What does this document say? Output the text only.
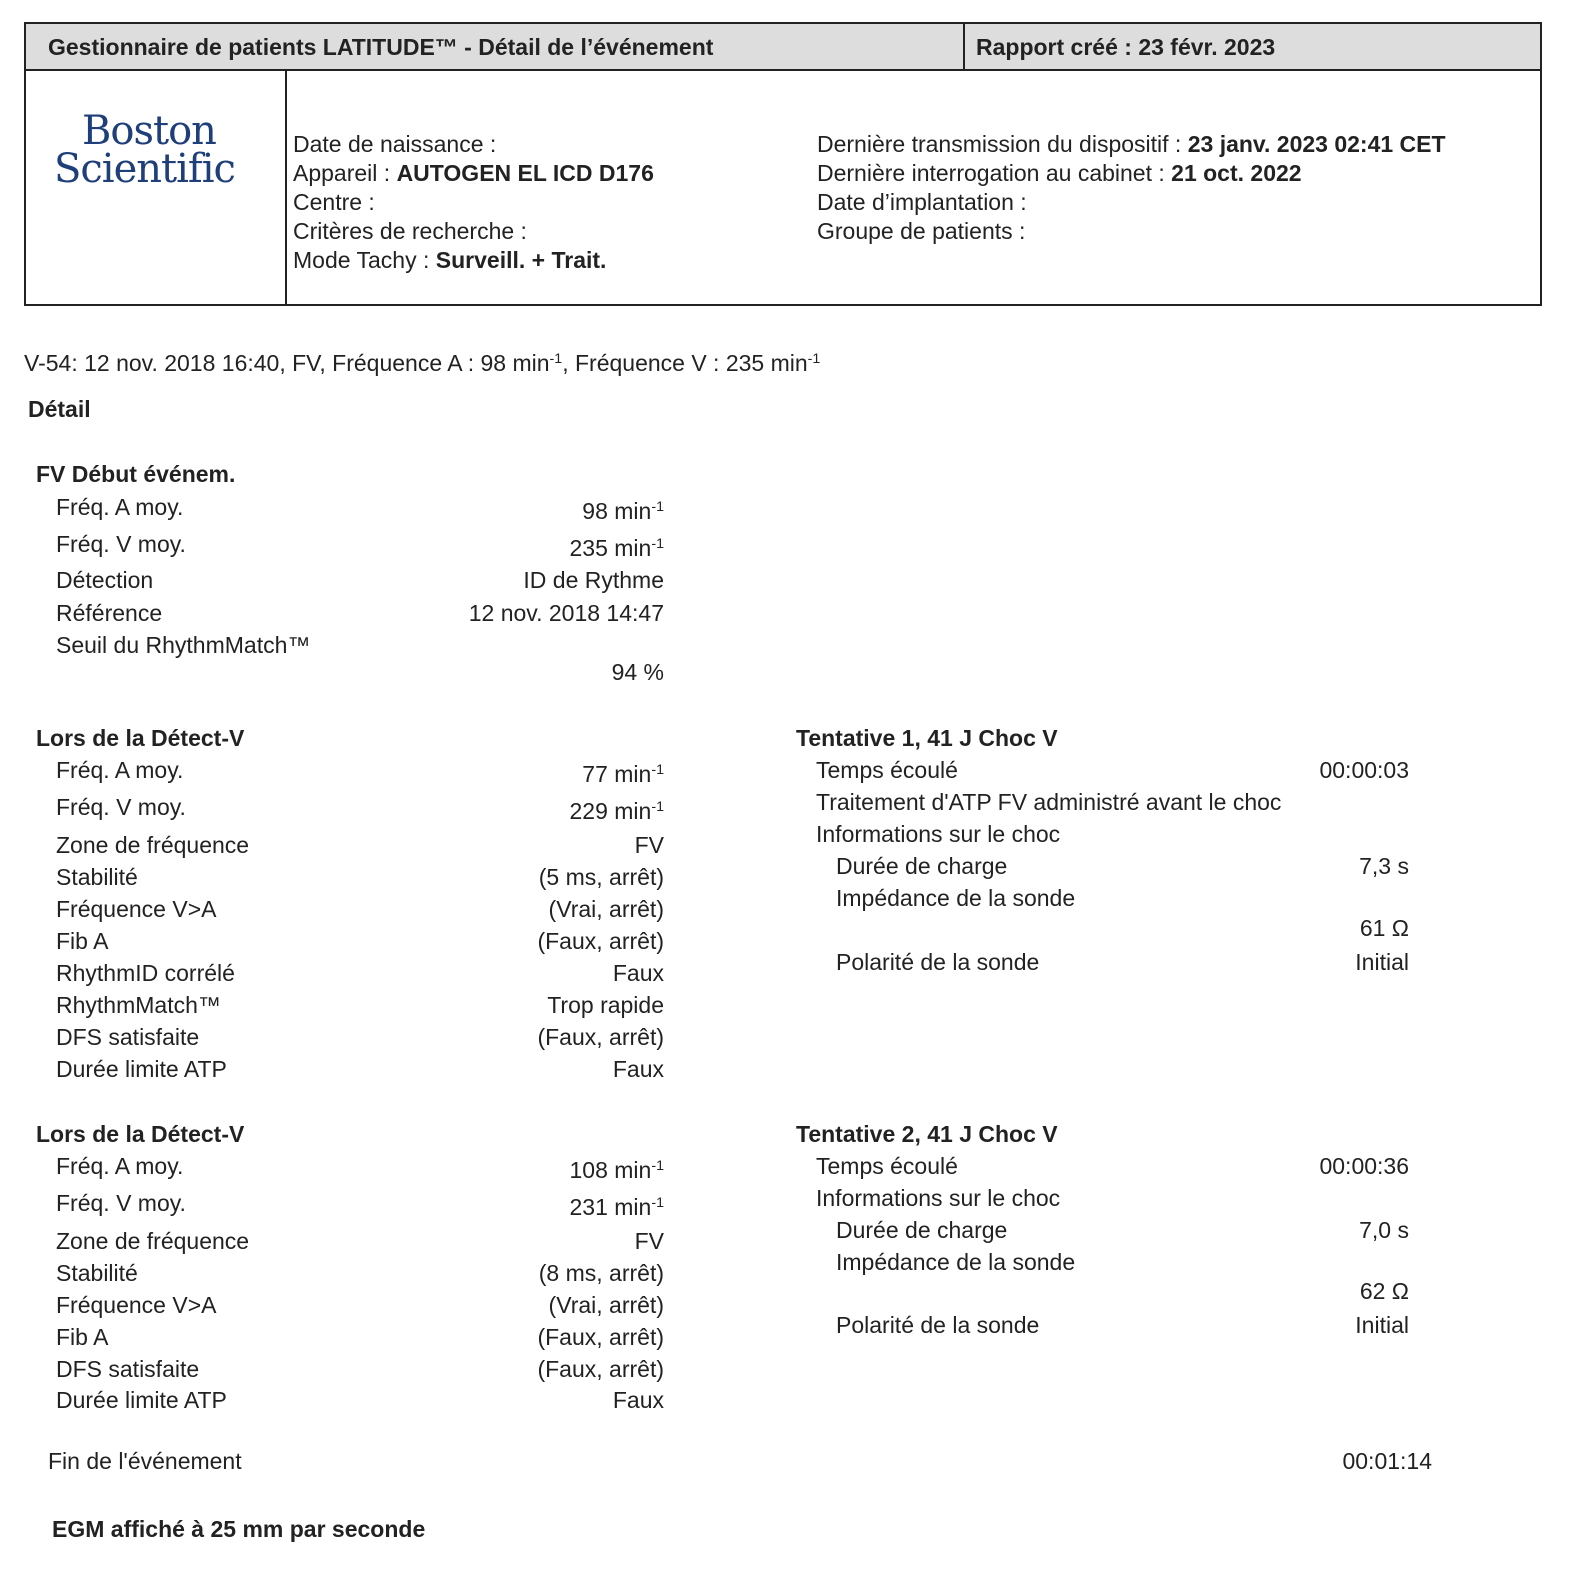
Gestionnaire de patients LATITUDE™ - Détail de l’événement	Rapport créé : 23 févr. 2023
Boston
Scientific
Date de naissance :
Appareil : AUTOGEN EL ICD D176
Centre :
Critères de recherche :
Mode Tachy : Surveill. + Trait.
Dernière transmission du dispositif : 23 janv. 2023 02:41 CET
Dernière interrogation au cabinet : 21 oct. 2022
Date d’implantation :
Groupe de patients :
V-54: 12 nov. 2018 16:40, FV, Fréquence A : 98 $\min^{-1}$, Fréquence V : 235 $\min^{-1}$
Détail
FV Début événem.
Fréq. A moy.	98 $\min^{-1}$
Fréq. V moy.	235 $\min^{-1}$
Détection	ID de Rythme
Référence	12 nov. 2018 14:47
Seuil du RhythmMatch™
94 %
Lors de la Détect-V
Fréq. A moy.	77 $\min^{-1}$
Fréq. V moy.	229 $\min^{-1}$
Zone de fréquence	FV
Stabilité	(5 ms, arrêt)
Fréquence V>A	(Vrai, arrêt)
Fib A	(Faux, arrêt)
RhythmID corrélé	Faux
RhythmMatch™	Trop rapide
DFS satisfaite	(Faux, arrêt)
Durée limite ATP	Faux
Tentative 1, 41 J Choc V
Temps écoulé	00:00:03
Traitement d'ATP FV administré avant le choc
Informations sur le choc
Durée de charge	7,3 s
Impédance de la sonde
61 Ω
Polarité de la sonde	Initial
Lors de la Détect-V
Fréq. A moy.	108 $\min^{-1}$
Fréq. V moy.	231 $\min^{-1}$
Zone de fréquence	FV
Stabilité	(8 ms, arrêt)
Fréquence V>A	(Vrai, arrêt)
Fib A	(Faux, arrêt)
DFS satisfaite	(Faux, arrêt)
Durée limite ATP	Faux
Tentative 2, 41 J Choc V
Temps écoulé	00:00:36
Informations sur le choc
Durée de charge	7,0 s
Impédance de la sonde
62 Ω
Polarité de la sonde	Initial
Fin de l'événement	00:01:14
EGM affiché à 25 mm par seconde
